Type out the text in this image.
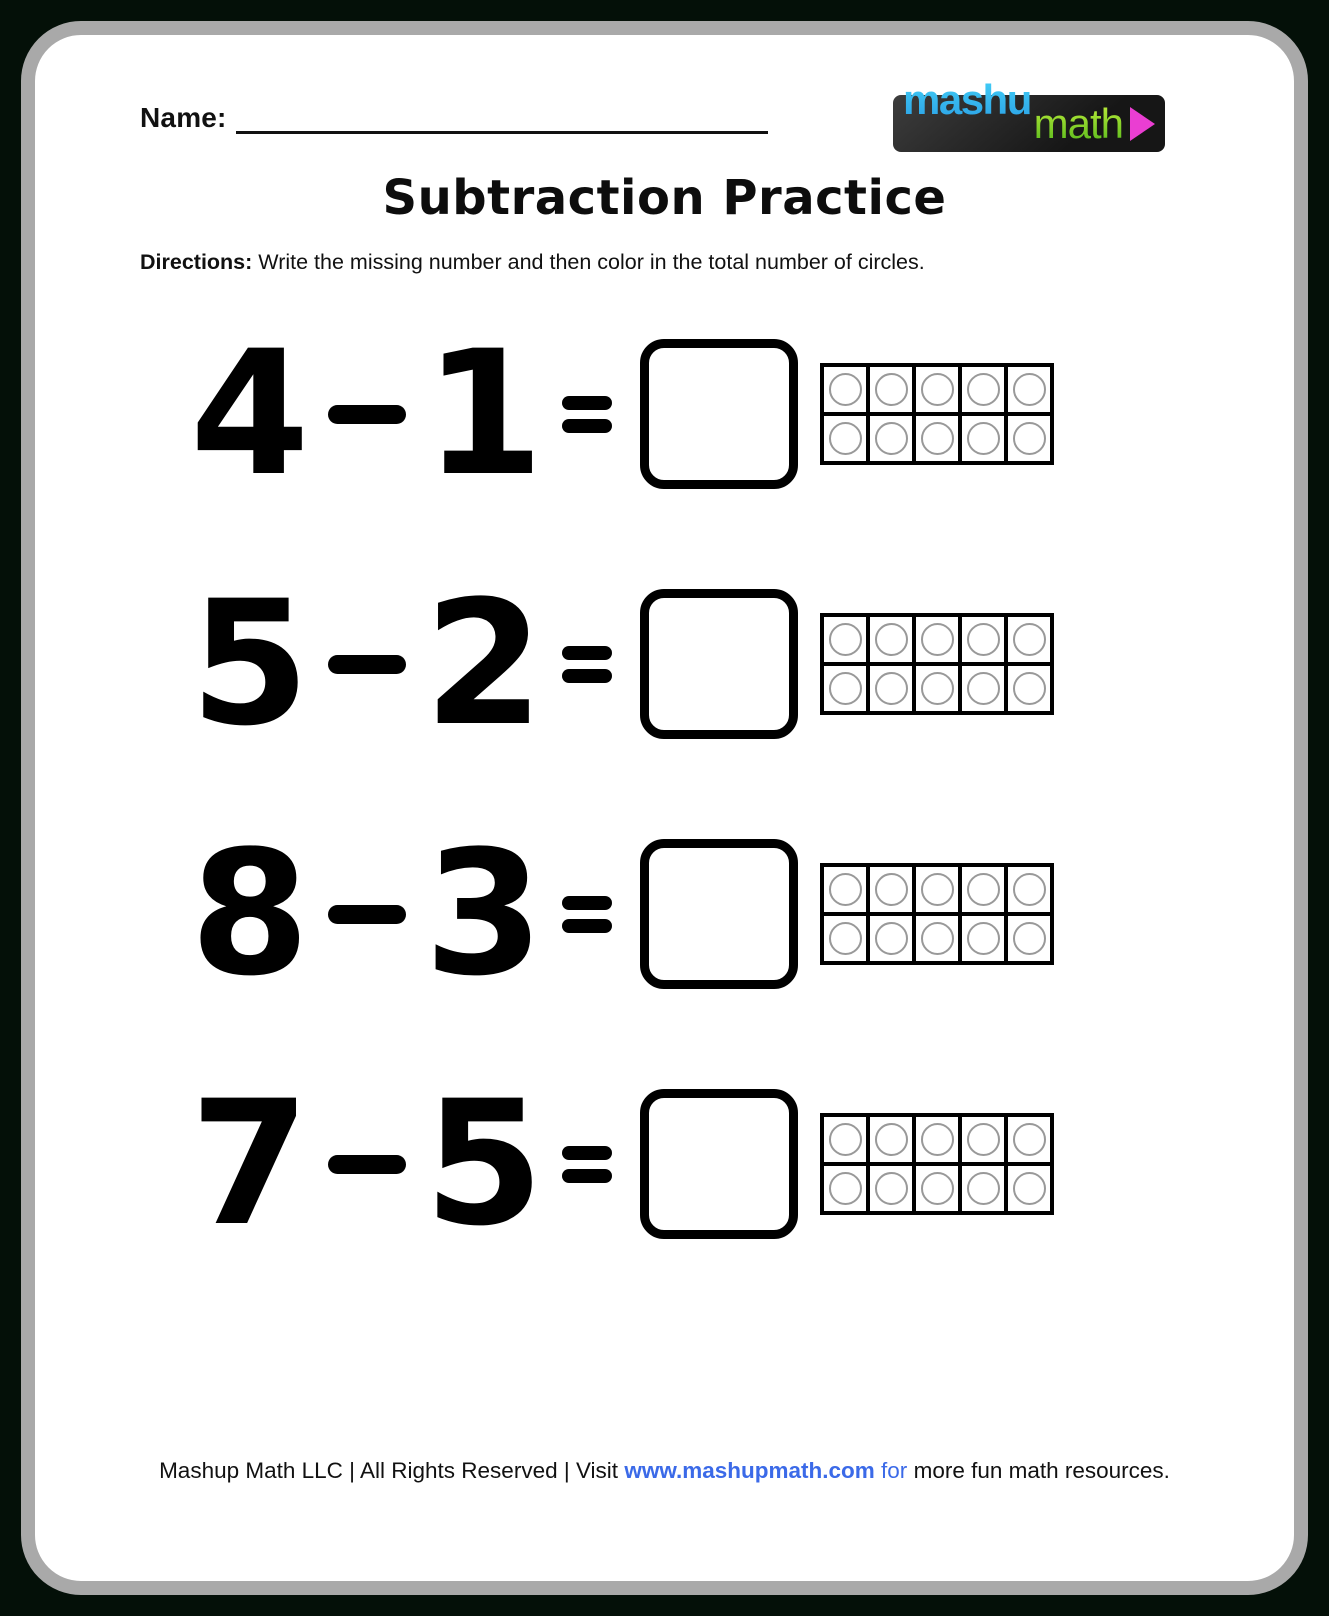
Name:	mashup
math
Subtraction Practice
Directions: Write the missing number and then color in the total number of circles.
4 1
5 2
8 3
7 5
Mashup Math LLC | All Rights Reserved | Visit www.mashupmath.com for more fun math resources.
